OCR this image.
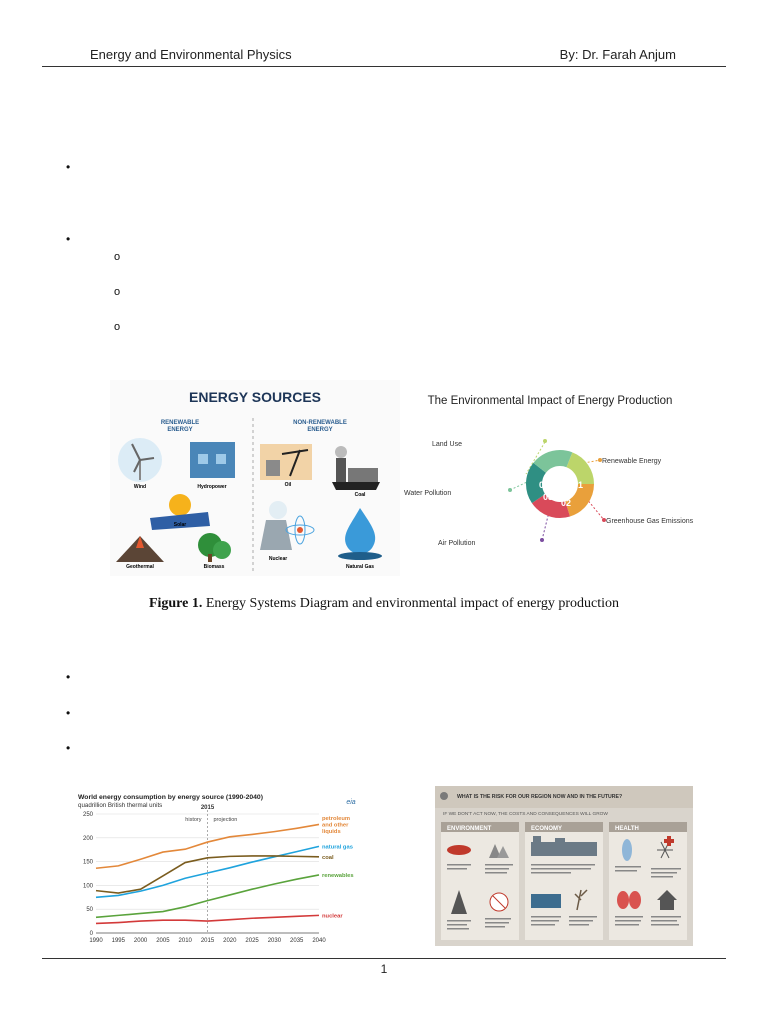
Energy and Environmental Physics	By: Dr. Farah Anjum
•
•
o
o
o
ENERGY SOURCES
RENEWABLE
ENERGY
NON-RENEWABLE
ENERGY
Wind	Hydropower
Solar
Geothermal	Biomass
Oil
Coal
Nuclear
Natural Gas
The Environmental Impact of Energy Production
Land Use
Water Pollution
Air Pollution
Renewable Energy
Greenhouse Gas Emissions
05
04	01
03
02
Figure 1. Energy Systems Diagram and environmental impact of energy production
•
•
•
World energy consumption by energy source (1990-2040)
quadrillion British thermal units	eia
0
50
100
150
200
250
1990 1995 2000 2005 2010 2015 2020 2025 2030 2035 2040
2015
history projection	petroleum
and other
liquids
natural gas
coal
renewables
nuclear
WHAT IS THE RISK FOR OUR REGION NOW AND IN THE FUTURE?
IF WE DON'T ACT NOW, THE COSTS AND CONSEQUENCES WILL GROW
ENVIRONMENT	ECONOMY	HEALTH
1
